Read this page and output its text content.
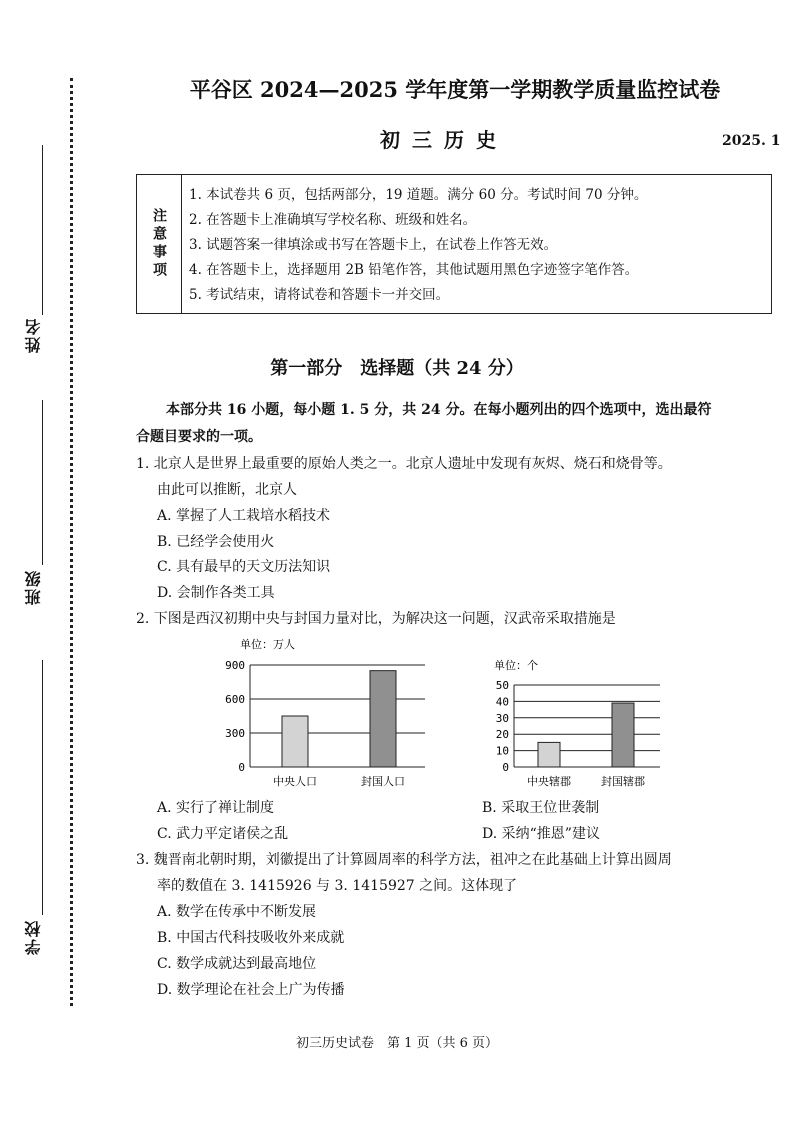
姓名
班级
学校
平谷区 2024—2025 学年度第一学期教学质量监控试卷
初三历史	2025. 1
注意事项
1. 本试卷共 6 页，包括两部分，19 道题。满分 60 分。考试时间 70 分钟。
2. 在答题卡上准确填写学校名称、班级和姓名。
3. 试题答案一律填涂或书写在答题卡上，在试卷上作答无效。
4. 在答题卡上，选择题用 2B 铅笔作答，其他试题用黑色字迹签字笔作答。
5. 考试结束，请将试卷和答题卡一并交回。
第一部分　选择题（共 24 分）
本部分共 16 小题，每小题 1. 5 分，共 24 分。在每小题列出的四个选项中，选出最符
合题目要求的一项。
1. 北京人是世界上最重要的原始人类之一。北京人遗址中发现有灰烬、烧石和烧骨等。
由此可以推断，北京人
A. 掌握了人工栽培水稻技术
B. 已经学会使用火
C. 具有最早的天文历法知识
D. 会制作各类工具
2. 下图是西汉初期中央与封国力量对比，为解决这一问题，汉武帝采取措施是
单位：万人
0
300
600
900
中央人口	封国人口
单位：个
0
10
20
30
40
50
中央辖郡	封国辖郡
A. 实行了禅让制度	B. 采取王位世袭制
C. 武力平定诸侯之乱	D. 采纳“推恩”建议
3. 魏晋南北朝时期，刘徽提出了计算圆周率的科学方法，祖冲之在此基础上计算出圆周
率的数值在 3. 1415926 与 3. 1415927 之间。这体现了
A. 数学在传承中不断发展
B. 中国古代科技吸收外来成就
C. 数学成就达到最高地位
D. 数学理论在社会上广为传播
初三历史试卷　第 1 页（共 6 页）
